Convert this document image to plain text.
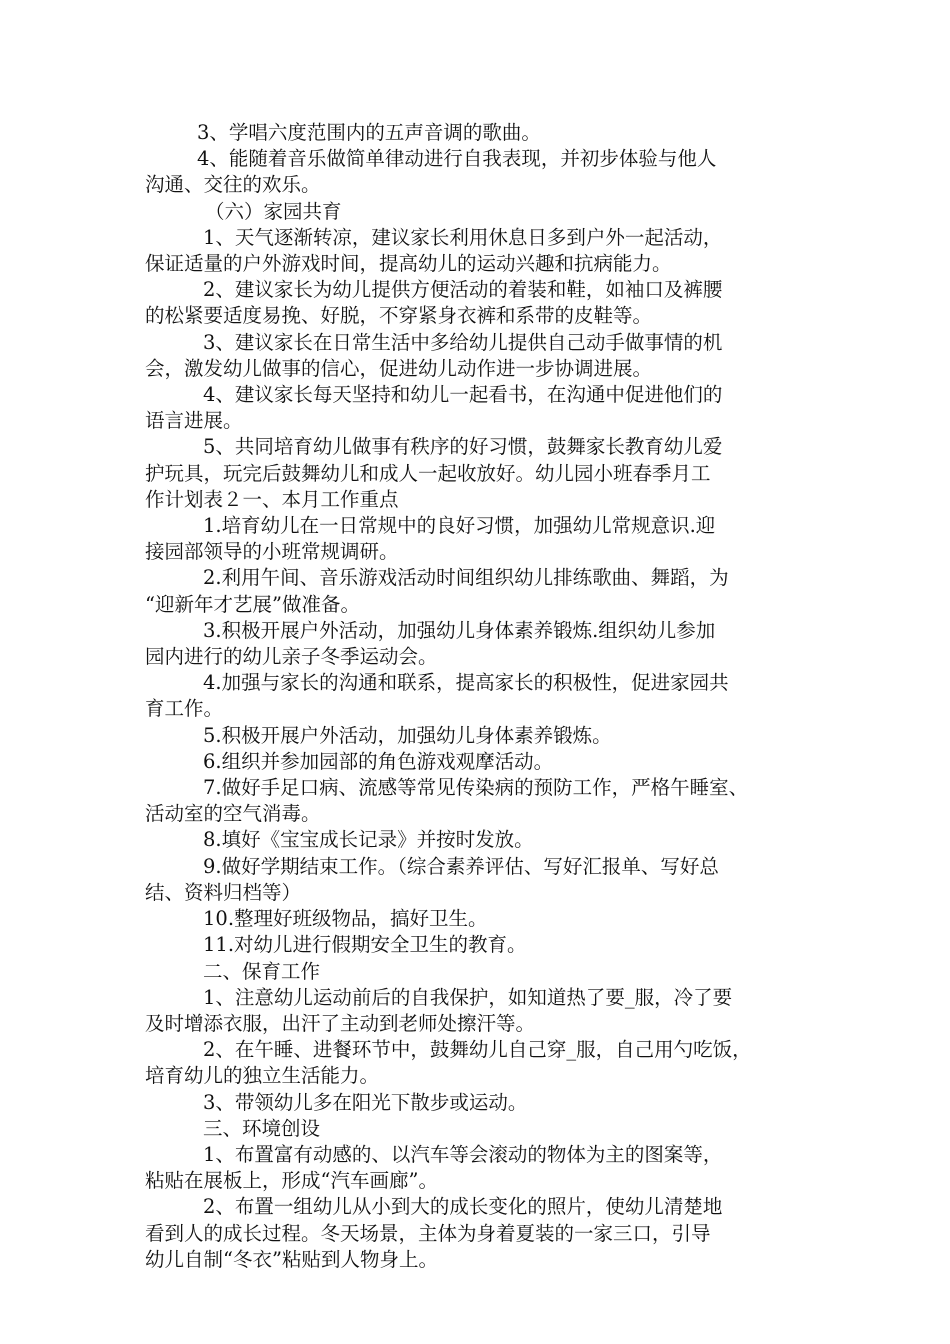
3、学唱六度范围内的五声音调的歌曲。
4、能随着音乐做简单律动进行自我表现，并初步体验与他人
沟通、交往的欢乐。
（六）家园共育
1、天气逐渐转凉，建议家长利用休息日多到户外一起活动，
保证适量的户外游戏时间，提高幼儿的运动兴趣和抗病能力。
2、建议家长为幼儿提供方便活动的着装和鞋，如袖口及裤腰
的松紧要适度易挽、好脱，不穿紧身衣裤和系带的皮鞋等。
3、建议家长在日常生活中多给幼儿提供自己动手做事情的机
会，激发幼儿做事的信心，促进幼儿动作进一步协调进展。
4、建议家长每天坚持和幼儿一起看书，在沟通中促进他们的
语言进展。
5、共同培育幼儿做事有秩序的好习惯，鼓舞家长教育幼儿爱
护玩具，玩完后鼓舞幼儿和成人一起收放好。幼儿园小班春季月工
作计划表２一、本月工作重点
1.培育幼儿在一日常规中的良好习惯，加强幼儿常规意识.迎
接园部领导的小班常规调研。
2.利用午间、音乐游戏活动时间组织幼儿排练歌曲、舞蹈，为
“迎新年才艺展”做准备。
3.积极开展户外活动，加强幼儿身体素养锻炼.组织幼儿参加
园内进行的幼儿亲子冬季运动会。
4.加强与家长的沟通和联系，提高家长的积极性，促进家园共
育工作。
5.积极开展户外活动，加强幼儿身体素养锻炼。
6.组织并参加园部的角色游戏观摩活动。
7.做好手足口病、流感等常见传染病的预防工作，严格午睡室、
活动室的空气消毒。
8.填好《宝宝成长记录》并按时发放。
9.做好学期结束工作。（综合素养评估、写好汇报单、写好总
结、资料归档等）
10.整理好班级物品，搞好卫生。
11.对幼儿进行假期安全卫生的教育。
二、保育工作
1、注意幼儿运动前后的自我保护，如知道热了要_服，冷了要
及时增添衣服，出汗了主动到老师处擦汗等。
2、在午睡、进餐环节中，鼓舞幼儿自己穿_服，自己用勺吃饭，
培育幼儿的独立生活能力。
3、带领幼儿多在阳光下散步或运动。
三、环境创设
1、布置富有动感的、以汽车等会滚动的物体为主的图案等，
粘贴在展板上，形成“汽车画廊”。
2、布置一组幼儿从小到大的成长变化的照片，使幼儿清楚地
看到人的成长过程。冬天场景，主体为身着夏装的一家三口，引导
幼儿自制“冬衣”粘贴到人物身上。
